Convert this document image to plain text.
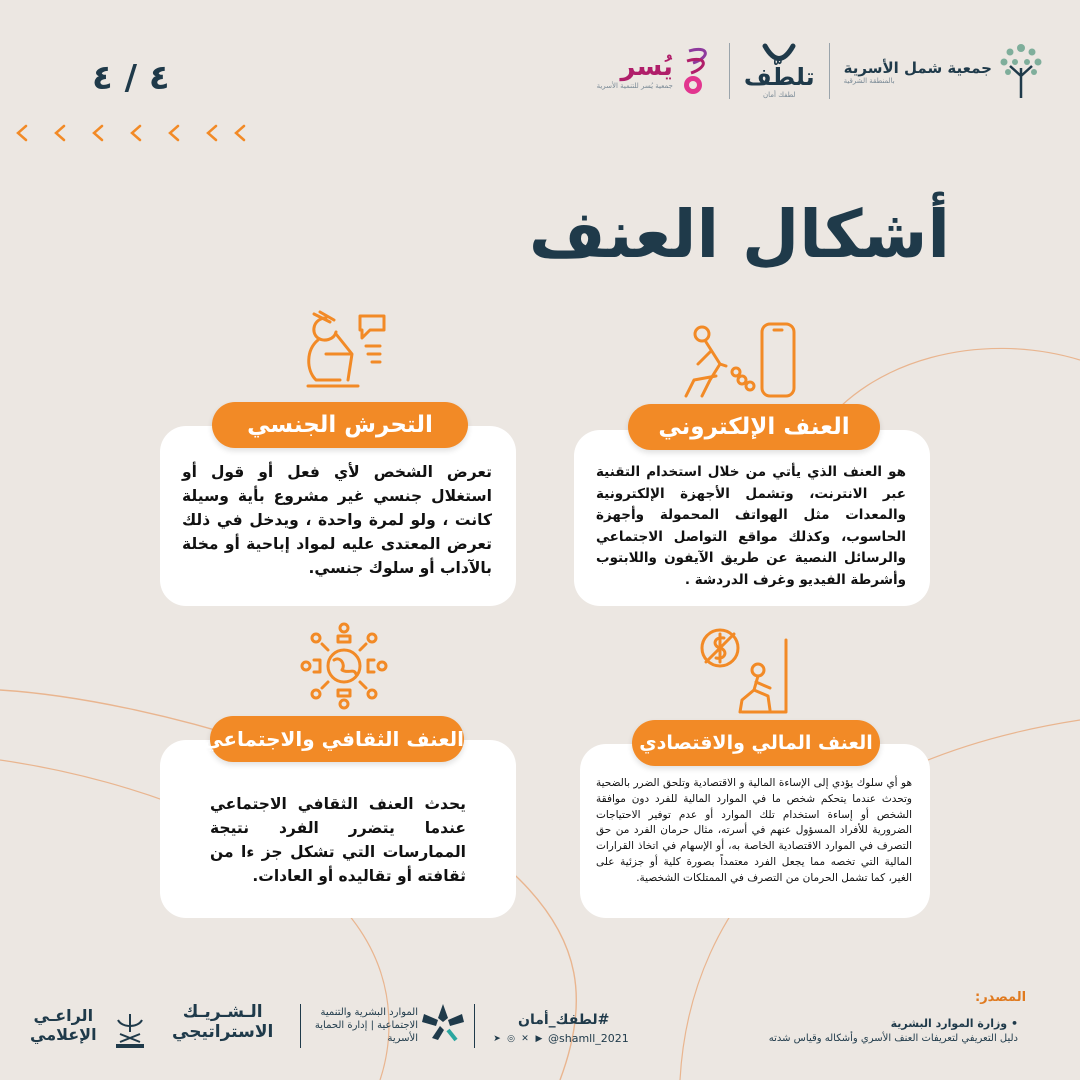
٤ / ٤	جمعية شمل الأسرية
بالمنطقة الشرقية
تلطّف
لطفك أمان
يُسر
جمعية يُسر للتنمية الأسرية
أشكال العنف

تعرض الشخص لأي فعل أو قول أو استغلال جنسي غير مشروع بأية وسيلة كانت ، ولو لمرة واحدة ، ويدخل في ذلك تعرض المعتدى عليه لمواد إباحية أو مخلة بالآداب أو سلوك جنسي.

التحرش الجنسي

هو العنف الذي يأتي من خلال استخدام التقنية عبر الانترنت، وتشمل الأجهزة الإلكترونية والمعدات مثل الهواتف المحمولة وأجهزة الحاسوب، وكذلك مواقع التواصل الاجتماعي والرسائل النصية عن طريق الآيفون واللابتوب وأشرطة الفيديو وغرف الدردشة .

العنف الإلكتروني

يحدث العنف الثقافي الاجتماعي عندما يتضرر الفرد نتيجة الممارسات التي تشكل جز ءا من ثقافته أو تقاليده أو العادات.

العنف الثقافي والاجتماعي

هو أي سلوك يؤدي إلى الإساءة المالية و الاقتصادية وتلحق الضرر بالضحية وتحدث عندما يتحكم شخص ما في الموارد المالية للفرد دون موافقة الشخص أو إساءة استخدام تلك الموارد أو عدم توفير الاحتياجات الضرورية للأفراد المسؤول عنهم في أسرته، مثال حرمان الفرد من حق التصرف في الموارد الاقتصادية الخاصة به، أو الإسهام في اتخاذ القرارات المالية التي تخصه مما يجعل الفرد معتمداً بصورة كلية أو جزئية على الغير، كما تشمل الحرمان من التصرف في الممتلكات الشخصية.

العنف المالي والاقتصادي
المصدر:
• وزارة الموارد البشرية
دليل التعريفي لتعريفات العنف الأسري وأشكاله وقياس شدته
#لطفك_أمان
➤ ◎ ✕ ▶ @shamll_2021
الموارد البشرية والتنمية الاجتماعية | إدارة الحماية الأسرية
الـشـريـك
الاستراتيجي
الراعـي
الإعلامي
